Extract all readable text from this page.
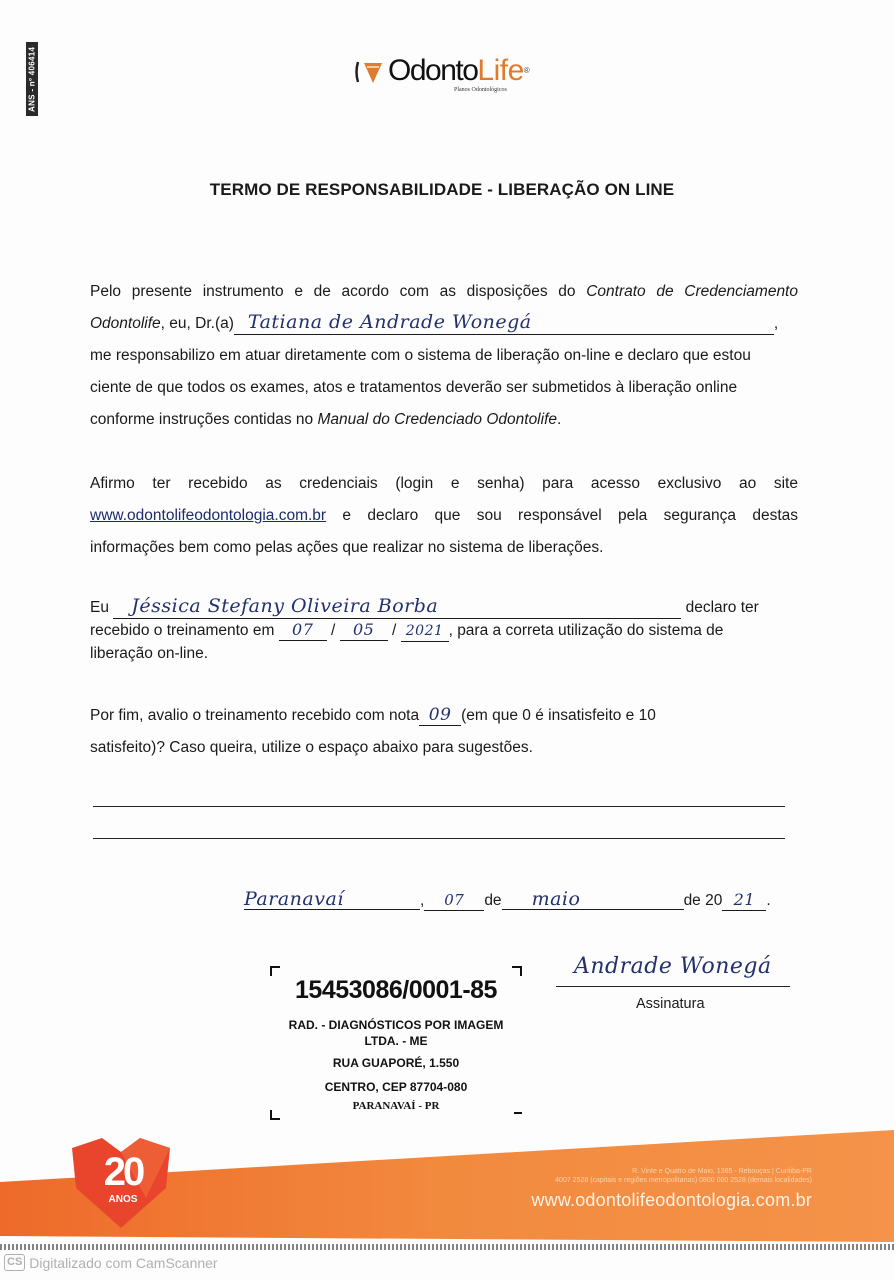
ANS - nº 406414	OdontoLife®
Planos Odontológicos
TERMO DE RESPONSABILIDADE - LIBERAÇÃO ON LINE
Pelo presente instrumento e de acordo com as disposições do Contrato de Credenciamento
Odontolife, eu, Dr.(a) Tatiana de Andrade Wonegá	,
me responsabilizo em atuar diretamente com o sistema de liberação on-line e declaro que estou
ciente de que todos os exames, atos e tratamentos deverão ser submetidos à liberação online
conforme instruções contidas no Manual do Credenciado Odontolife.
Afirmo ter recebido as credenciais (login e senha) para acesso exclusivo ao site
www.odontolifeodontologia.com.br e declaro que sou responsável pela segurança destas
informações bem como pelas ações que realizar no sistema de liberações.
Eu Jéssica Stefany Oliveira Borba	declaro ter
recebido o treinamento em 07 / 05 / 2021 , para a correta utilização do sistema de
liberação on-line.
Por fim, avalio o treinamento recebido com nota 09 (em que 0 é insatisfeito e 10
satisfeito)? Caso queira, utilize o espaço abaixo para sugestões.
Paranavaí	, 07 de maio	de 20 21 .
15453086/0001-85
RAD. - DIAGNÓSTICOS POR IMAGEM
LTDA. - ME
RUA GUAPORÉ, 1.550
CENTRO, CEP 87704-080
PARANAVAÍ - PR
Andrade Wonegá
Assinatura
20
ANOS
R. Vinte e Quatro de Maio, 1365 - Rebouças | Curitiba-PR
4007 2528 (capitais e regiões metropolitanas) 0800 000 2528 (demais localidades)
www.odontolifeodontologia.com.br
CS Digitalizado com CamScanner
